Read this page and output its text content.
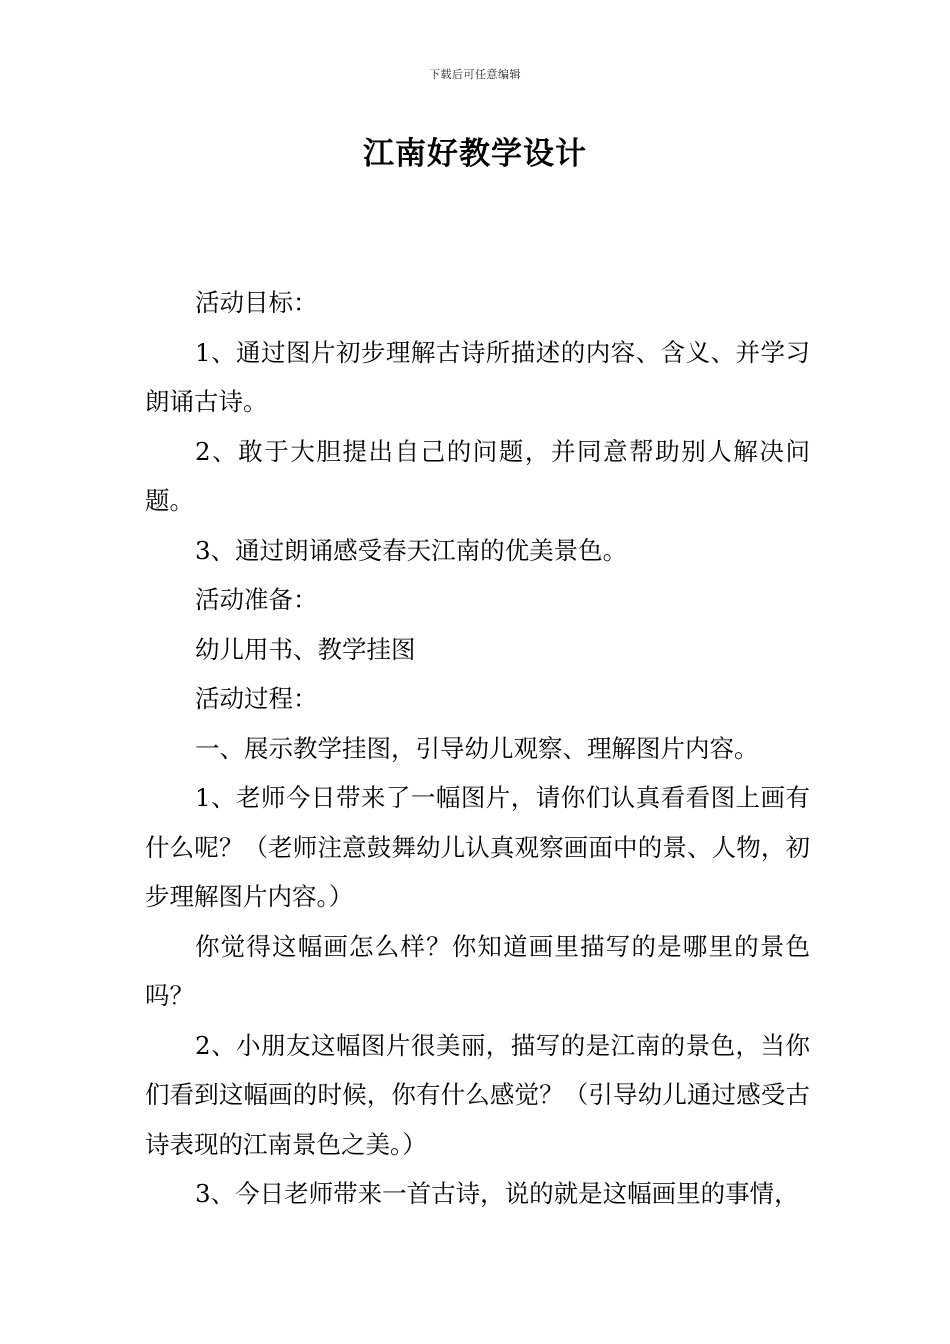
下载后可任意编辑
江南好教学设计

活动目标：

1、通过图片初步理解古诗所描述的内容、含义、并学习朗诵古诗。

2、敢于大胆提出自己的问题，并同意帮助别人解决问题。

3、通过朗诵感受春天江南的优美景色。

活动准备：

幼儿用书、教学挂图

活动过程：

一、展示教学挂图，引导幼儿观察、理解图片内容。

1、老师今日带来了一幅图片，请你们认真看看图上画有什么呢？（老师注意鼓舞幼儿认真观察画面中的景、人物，初步理解图片内容。）

你觉得这幅画怎么样？你知道画里描写的是哪里的景色吗？

2、小朋友这幅图片很美丽，描写的是江南的景色，当你们看到这幅画的时候，你有什么感觉？（引导幼儿通过感受古诗表现的江南景色之美。）

3、今日老师带来一首古诗，说的就是这幅画里的事情，
